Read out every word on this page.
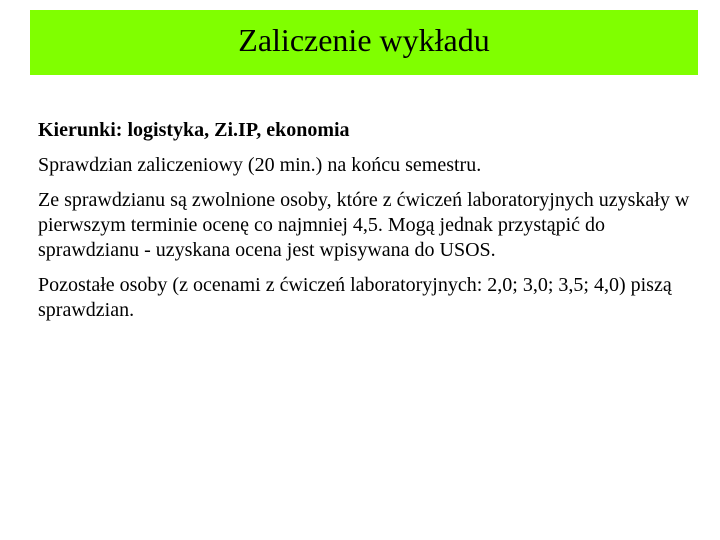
Zaliczenie wykładu

Kierunki: logistyka, Zi.IP, ekonomia

Sprawdzian zaliczeniowy (20 min.) na końcu semestru.

Ze sprawdzianu są zwolnione osoby, które z ćwiczeń laboratoryjnych uzyskały w pierwszym terminie ocenę co najmniej 4,5. Mogą jednak przystąpić do sprawdzianu - uzyskana ocena jest wpisywana do USOS.

Pozostałe osoby (z ocenami z ćwiczeń laboratoryjnych: 2,0; 3,0; 3,5; 4,0) piszą sprawdzian.
